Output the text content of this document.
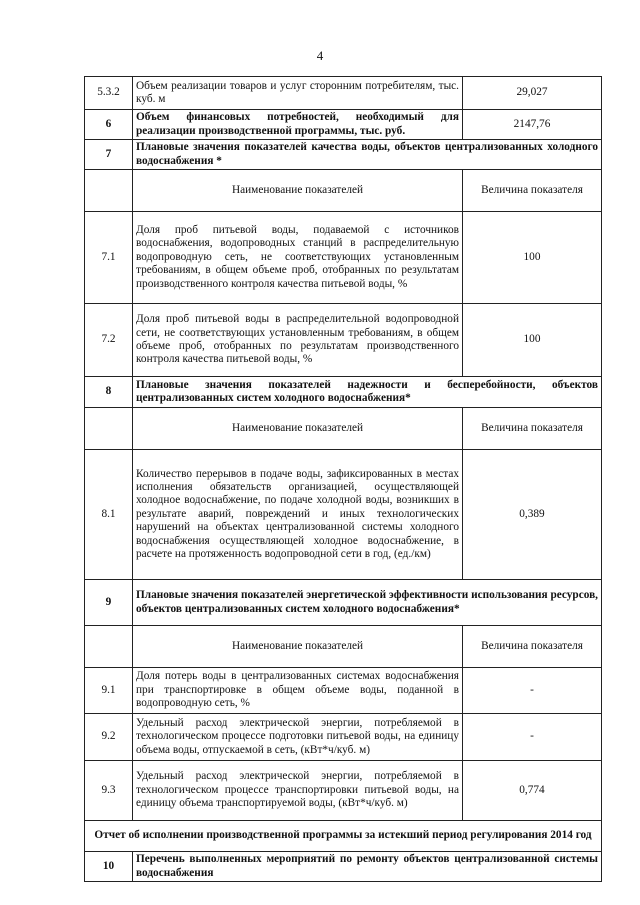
4
5.3.2	Объем реализации товаров и услуг сторонним потребителям, тыс. куб. м	29,027
6	Объем финансовых потребностей, необходимый для реализации производственной программы, тыс. руб.	2147,76
7	Плановые значения показателей качества воды, объектов централизованных холодного водоснабжения *	
	Наименование показателей	Величина показателя
7.1	Доля проб питьевой воды, подаваемой с источников водоснабжения, водопроводных станций в распределительную водопроводную сеть, не соответствующих установленным требованиям, в общем объеме проб, отобранных по результатам производственного контроля качества питьевой воды, %	100
7.2	Доля проб питьевой воды в распределительной водопроводной сети, не соответствующих установленным требованиям, в общем объеме проб, отобранных по результатам производственного контроля качества питьевой воды, %	100
8	Плановые значения показателей надежности и бесперебойности, объектов централизованных систем холодного водоснабжения*	
	Наименование показателей	Величина показателя
8.1	Количество перерывов в подаче воды, зафиксированных в местах исполнения обязательств организацией, осуществляющей холодное водоснабжение, по подаче холодной воды, возникших в результате аварий, повреждений и иных технологических нарушений на объектах централизованной системы холодного водоснабжения осуществляющей холодное водоснабжение, в расчете на протяженность водопроводной сети в год, (ед./км)	0,389
9	Плановые значения показателей энергетической эффективности использования ресурсов, объектов централизованных систем холодного водоснабжения*	
	Наименование показателей	Величина показателя
9.1	Доля потерь воды в централизованных системах водоснабжения при транспортировке в общем объеме воды, поданной в водопроводную сеть, %	-
9.2	Удельный расход электрической энергии, потребляемой в технологическом процессе подготовки питьевой воды, на единицу объема воды, отпускаемой в сеть, (кВт*ч/куб. м)	-
9.3	Удельный расход электрической энергии, потребляемой в технологическом процессе транспортировки питьевой воды, на единицу объема транспортируемой воды, (кВт*ч/куб. м)	0,774
Отчет об исполнении производственной программы за истекший период регулирования 2014 год		
10	Перечень выполненных мероприятий по ремонту объектов централизованной системы водоснабжения	
